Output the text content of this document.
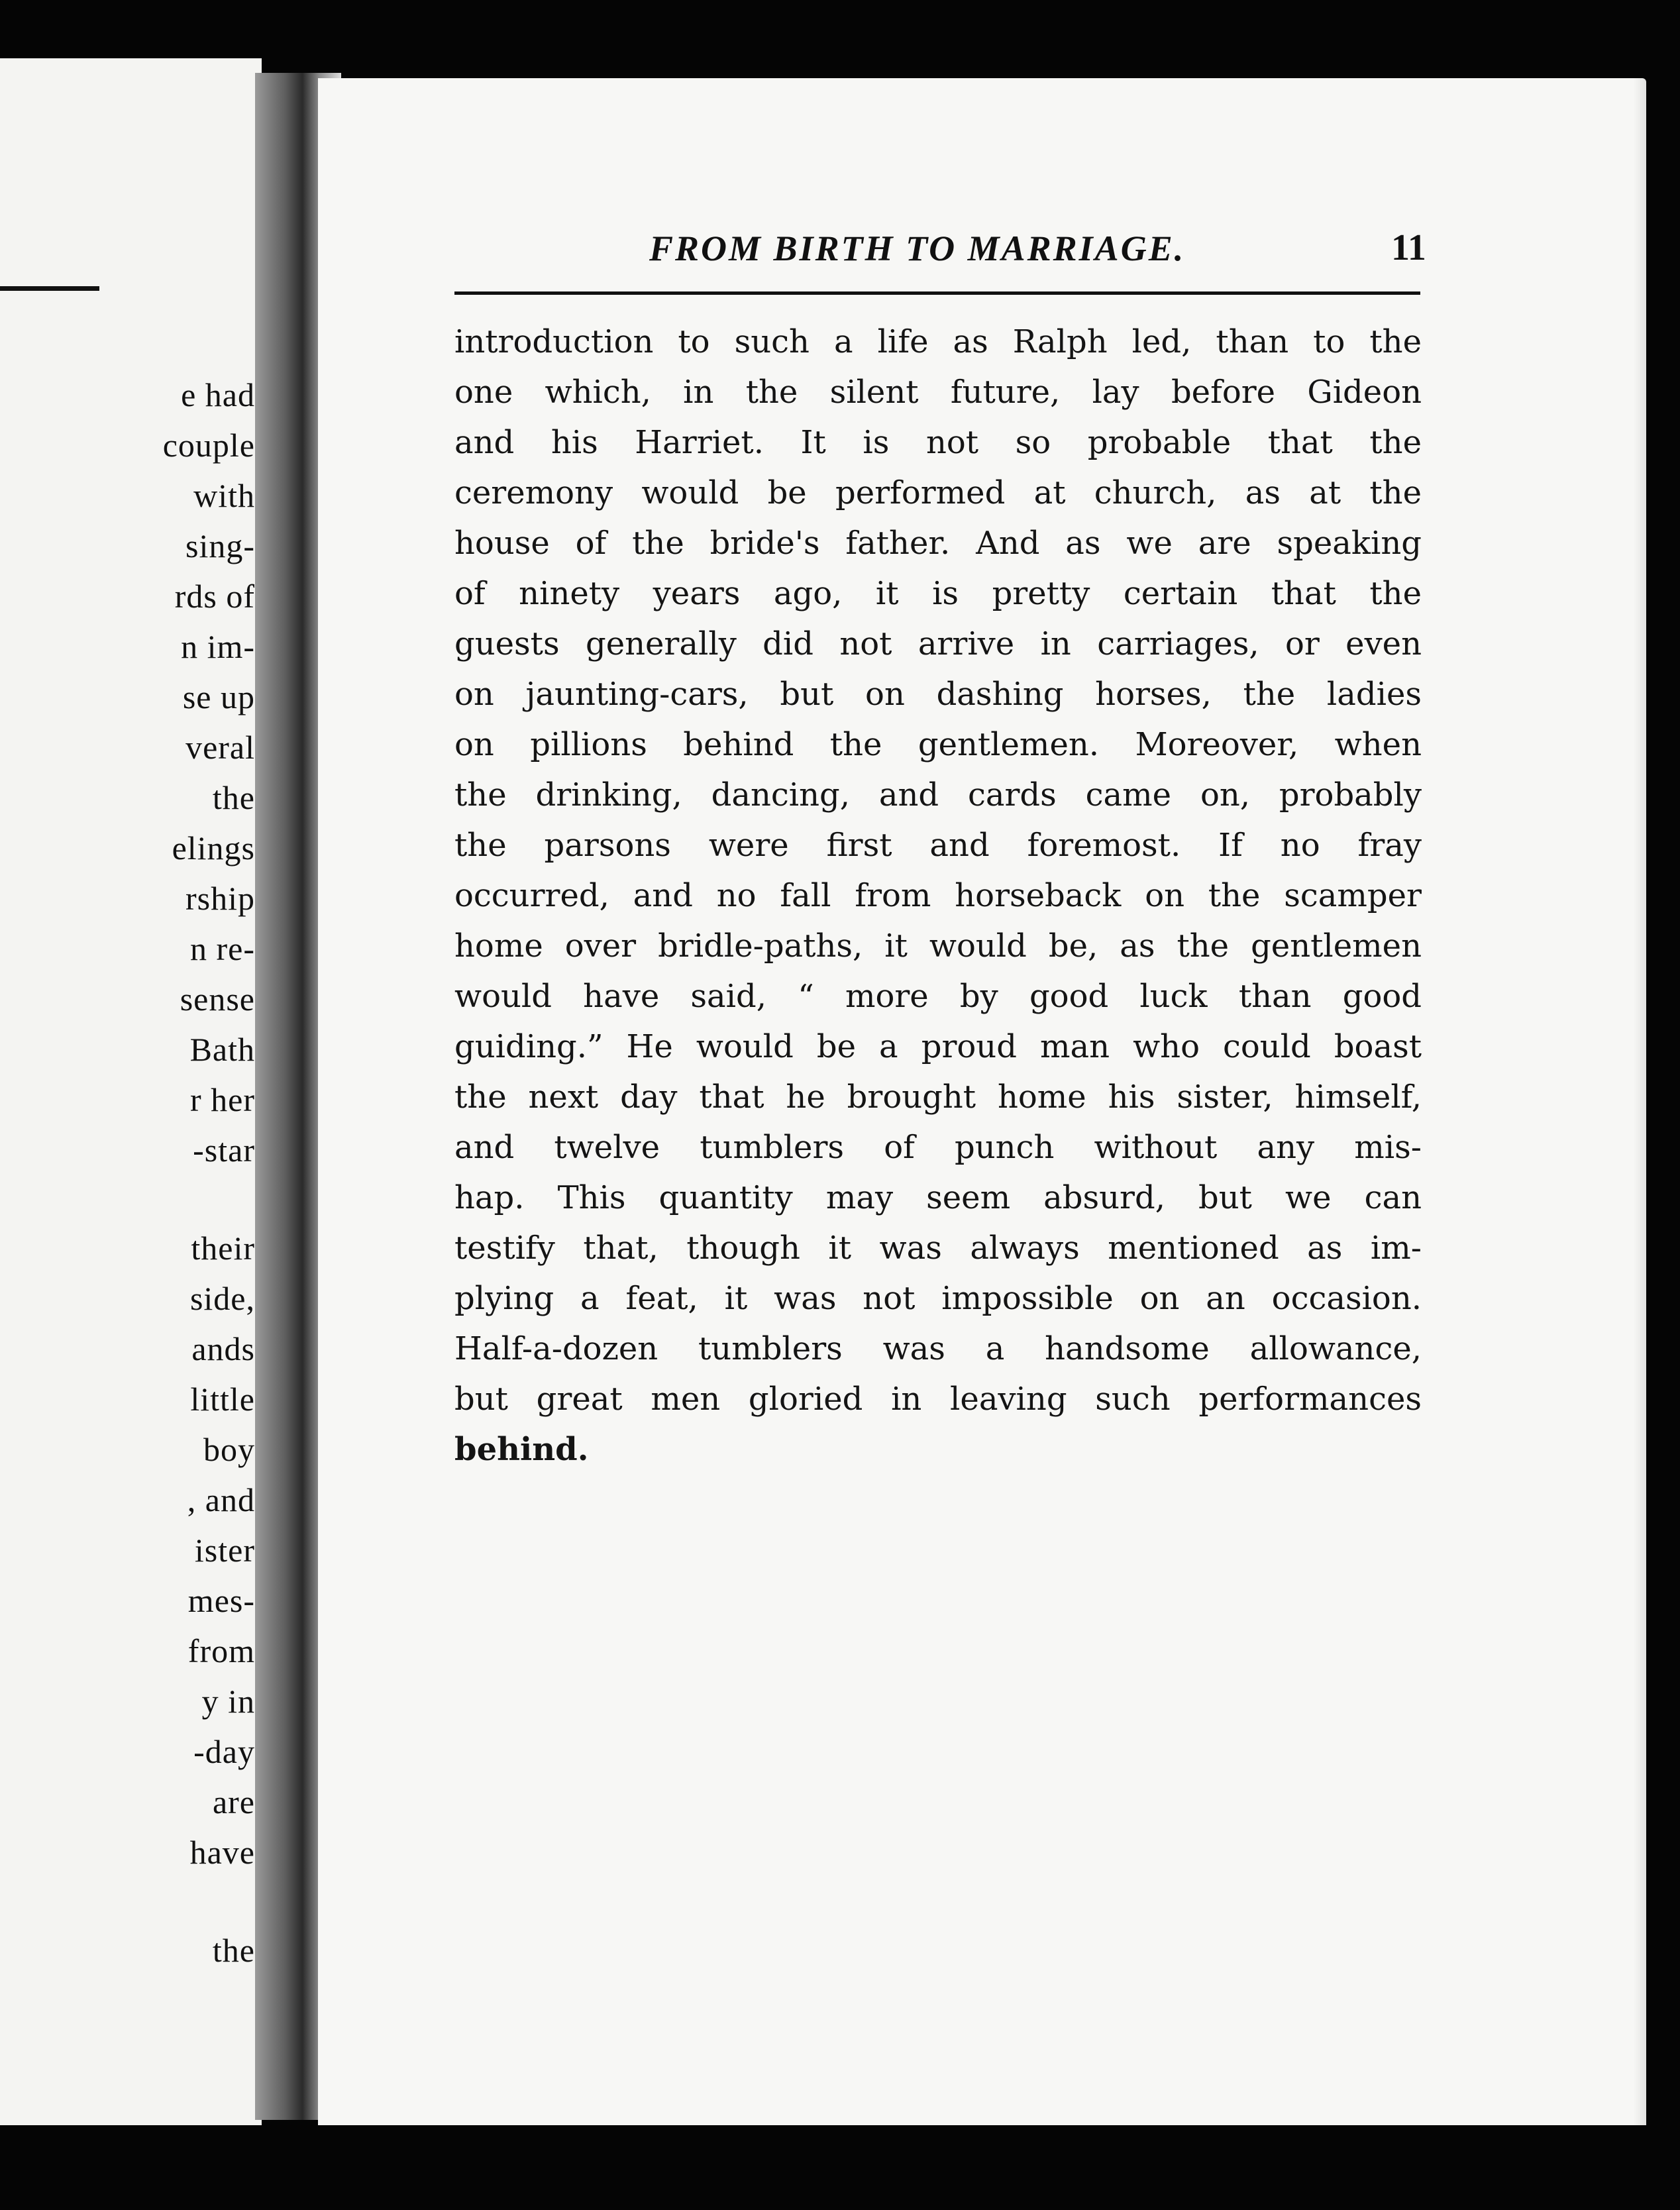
e had
couple
with
sing-
rds of
n im-
se up
veral
the
elings
rship
n re-
sense
Bath
r her
-star
their
side,
ands
little
boy
, and
ister
mes-
from
y in
-day
are
have
the
FROM BIRTH TO MARRIAGE.	11
introduction to such a life as Ralph led, than to the
one which, in the silent future, lay before Gideon
and his Harriet. It is not so probable that the
ceremony would be performed at church, as at the
house of the bride's father. And as we are speaking
of ninety years ago, it is pretty certain that the
guests generally did not arrive in carriages, or even
on jaunting-cars, but on dashing horses, the ladies
on pillions behind the gentlemen. Moreover, when
the drinking, dancing, and cards came on, probably
the parsons were first and foremost. If no fray
occurred, and no fall from horseback on the scamper
home over bridle-paths, it would be, as the gentlemen
would have said, “ more by good luck than good
guiding.” He would be a proud man who could boast
the next day that he brought home his sister, himself,
and twelve tumblers of punch without any mis-
hap. This quantity may seem absurd, but we can
testify that, though it was always mentioned as im-
plying a feat, it was not impossible on an occasion.
Half-a-dozen tumblers was a handsome allowance,
but great men gloried in leaving such performances
behind.
